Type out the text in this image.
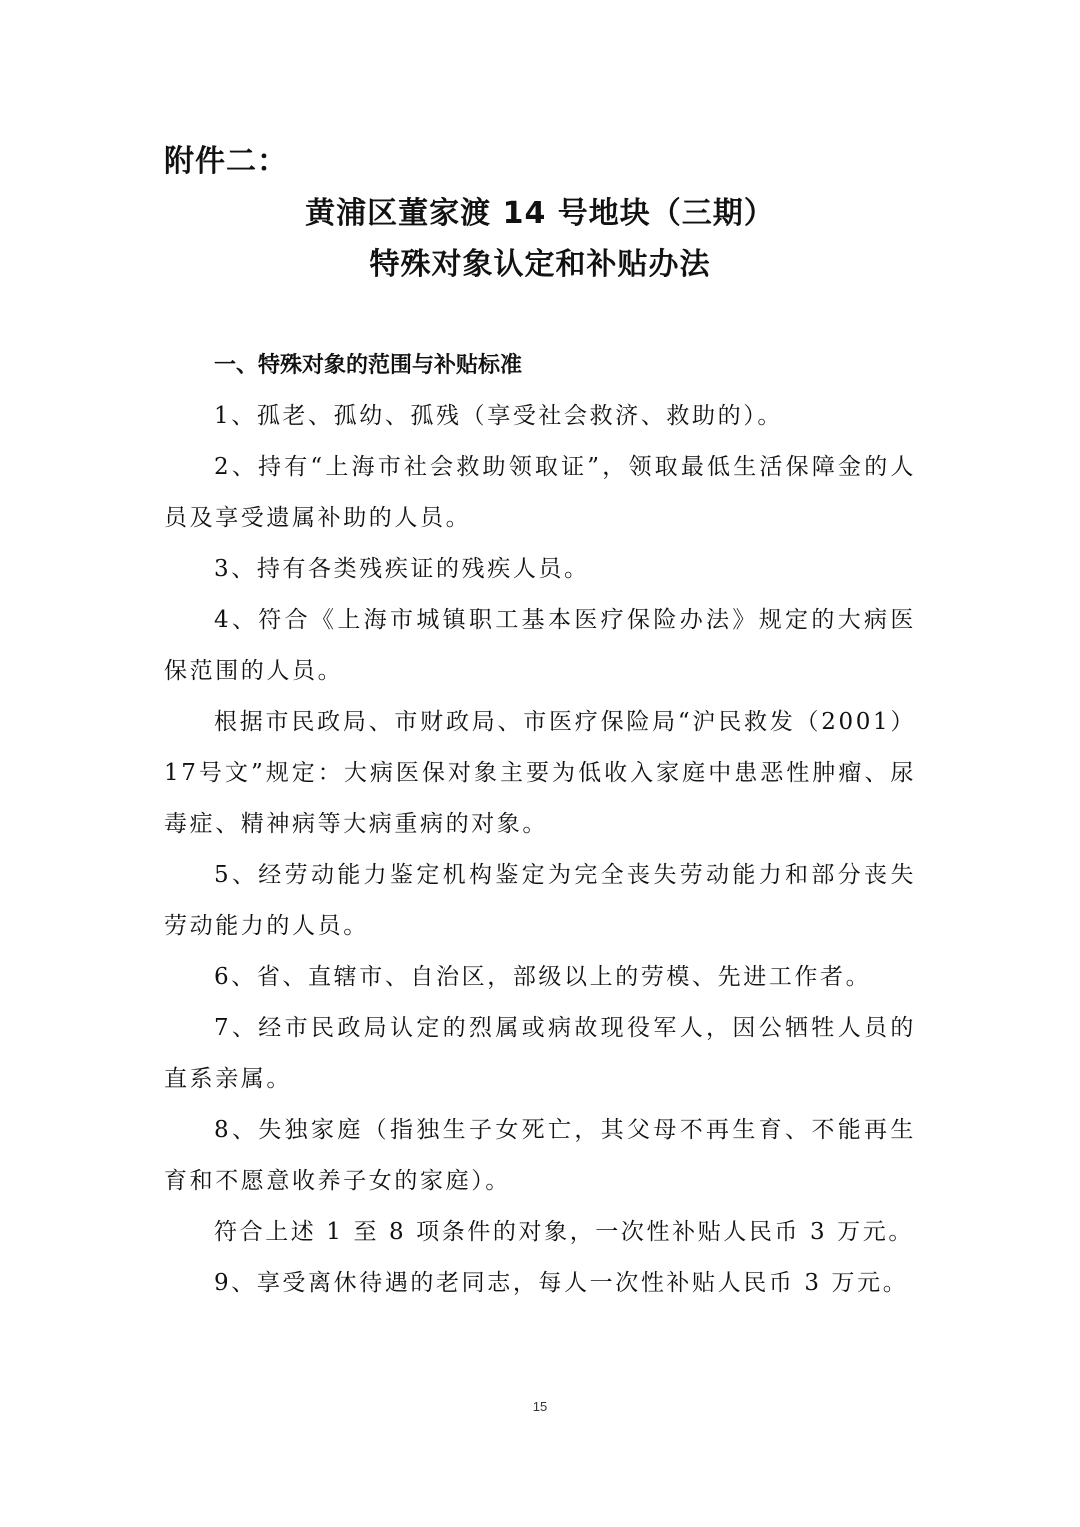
附件二：
黄浦区董家渡 14 号地块（三期）
特殊对象认定和补贴办法
一、特殊对象的范围与补贴标准

1、孤老、孤幼、孤残（享受社会救济、救助的）。

2、持有“上海市社会救助领取证”，领取最低生活保障金的人员及享受遗属补助的人员。

3、持有各类残疾证的残疾人员。

4、符合《上海市城镇职工基本医疗保险办法》规定的大病医保范围的人员。

根据市民政局、市财政局、市医疗保险局“沪民救发（2001）17号文”规定：大病医保对象主要为低收入家庭中患恶性肿瘤、尿毒症、精神病等大病重病的对象。

5、经劳动能力鉴定机构鉴定为完全丧失劳动能力和部分丧失劳动能力的人员。

6、省、直辖市、自治区，部级以上的劳模、先进工作者。

7、经市民政局认定的烈属或病故现役军人，因公牺牲人员的直系亲属。

8、失独家庭（指独生子女死亡，其父母不再生育、不能再生育和不愿意收养子女的家庭）。

符合上述 1 至 8 项条件的对象，一次性补贴人民币 3 万元。

9、享受离休待遇的老同志，每人一次性补贴人民币 3 万元。

15
